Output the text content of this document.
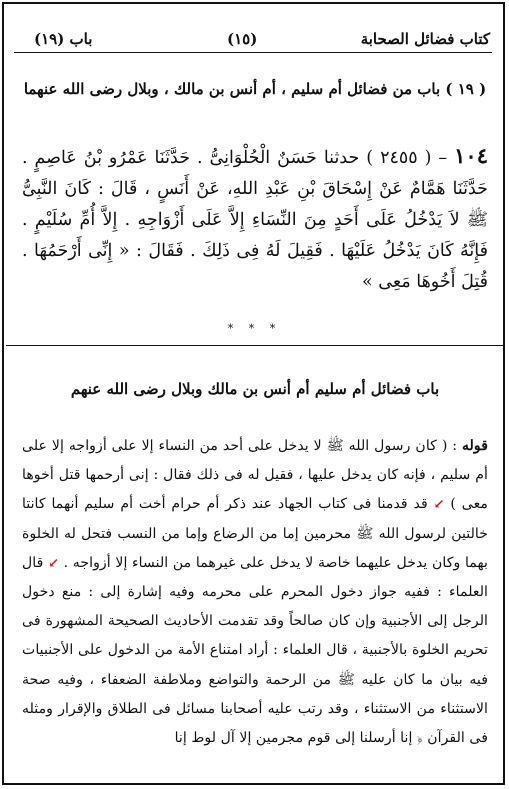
باب (١٩)	(١٥)	كتاب فضائل الصحابة
( ١٩ ) باب من فضائل أم سليم ، أم أنس بن مالك ، وبلال رضى الله عنهما
١٠٤ – ( ٢٤٥٥ ) حدثنا حَسَنٌ الْحُلْوَانِىُّ . حَدَّثَنَا عَمْرُو بْنُ عَاصِمٍ . حَدَّثَنَا هَمَّامٌ عَنْ إِسْحَاقَ بْنِ عَبْدِ اللهِ، عَنْ أَنَسٍ ، قَالَ : كَانَ النَّبِىُّ ﷺ لاَ يَدْخُلُ عَلَى أَحَدٍ مِنَ النِّسَاءِ إِلاَّ عَلَى أَزْوَاجِهِ . إِلاَّ أُمِّ سُلَيْمٍ . فَإِنَّهُ كَانَ يَدْخُلُ عَلَيْهَا . فَقِيلَ لَهُ فِى ذَلِكَ . فَقَالَ : « إِنِّى أَرْحَمُهَا . قُتِلَ أَخُوهَا مَعِى »
* * *
باب فضائل أم سليم أم أنس بن مالك وبلال رضى الله عنهم
قوله : ( كان رسول الله ﷺ لا يدخل على أحد من النساء إلا على أزواجه إلا على أم سليم ، فإنه كان يدخل عليها ، فقيل له فى ذلك فقال : إنى أرحمها قتل أخوها معى ) ↙ قد قدمنا فى كتاب الجهاد عند ذكر أم حرام أخت أم سليم أنهما كانتا خالتين لرسول الله ﷺ محرمين إما من الرضاع وإما من النسب فتحل له الخلوة بهما وكان يدخل عليهما خاصة لا يدخل على غيرهما من النساء إلا أزواجه . ↙ قال العلماء : ففيه جواز دخول المحرم على محرمه وفيه إشارة إلى : منع دخول الرجل إلى الأجنبية وإن كان صالحاً وقد تقدمت الأحاديث الصحيحة المشهورة فى تحريم الخلوة بالأجنبية ، قال العلماء : أراد امتناع الأمة من الدخول على الأجنبيات فيه بيان ما كان عليه ﷺ من الرحمة والتواضع وملاطفة الضعفاء ، وفيه صحة الاستثناء من الاستثناء ، وقد رتب عليه أصحابنا مسائل فى الطلاق والإقرار ومثله فى القرآن ﴿ إنا أرسلنا إلى قوم مجرمين إلا آل لوط إنا
